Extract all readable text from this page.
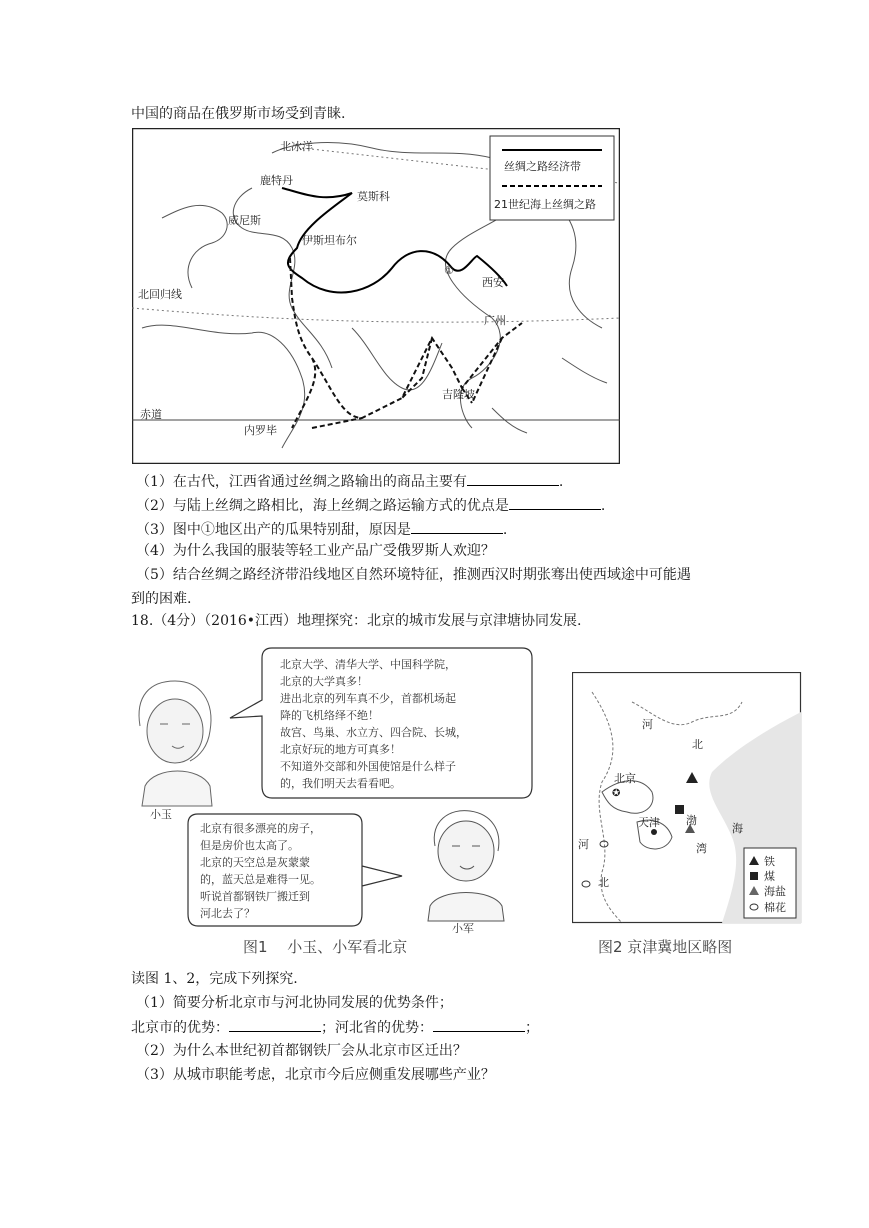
中国的商品在俄罗斯市场受到青睐.
丝绸之路经济带
21世纪海上丝绸之路
北冰洋
鹿特丹
莫斯科
威尼斯
伊斯坦布尔
①
西安
北回归线
广州
吉隆坡
赤道
内罗毕
（1）在古代，江西省通过丝绸之路输出的商品主要有	.
（2）与陆上丝绸之路相比，海上丝绸之路运输方式的优点是	.
（3）图中①地区出产的瓜果特别甜，原因是	.
（4）为什么我国的服装等轻工业产品广受俄罗斯人欢迎？
（5）结合丝绸之路经济带沿线地区自然环境特征，推测西汉时期张骞出使西域途中可能遇
到的困难.
18.（4分）（2016•江西）地理探究：北京的城市发展与京津塘协同发展.
小玉
北京大学、清华大学、中国科学院，
北京的大学真多！
进出北京的列车真不少，首都机场起
降的飞机络绎不绝！
故宫、鸟巢、水立方、四合院、长城，
北京好玩的地方可真多！
不知道外交部和外国使馆是什么样子
的，我们明天去看看吧。
北京有很多漂亮的房子，
但是房价也太高了。
北京的天空总是灰蒙蒙
的，蓝天总是难得一见。
听说首都钢铁厂搬迁到
河北去了？
小军
图1　 小玉、小军看北京
✪
河
北
北京
天津
河
北
海
渤
湾
铁
煤
海盐
棉花
图2 京津冀地区略图
读图 1、2，完成下列探究.
（1）简要分析北京市与河北协同发展的优势条件；
北京市的优势：	；河北省的优势：	；
（2）为什么本世纪初首都钢铁厂会从北京市区迁出？
（3）从城市职能考虑，北京市今后应侧重发展哪些产业？
